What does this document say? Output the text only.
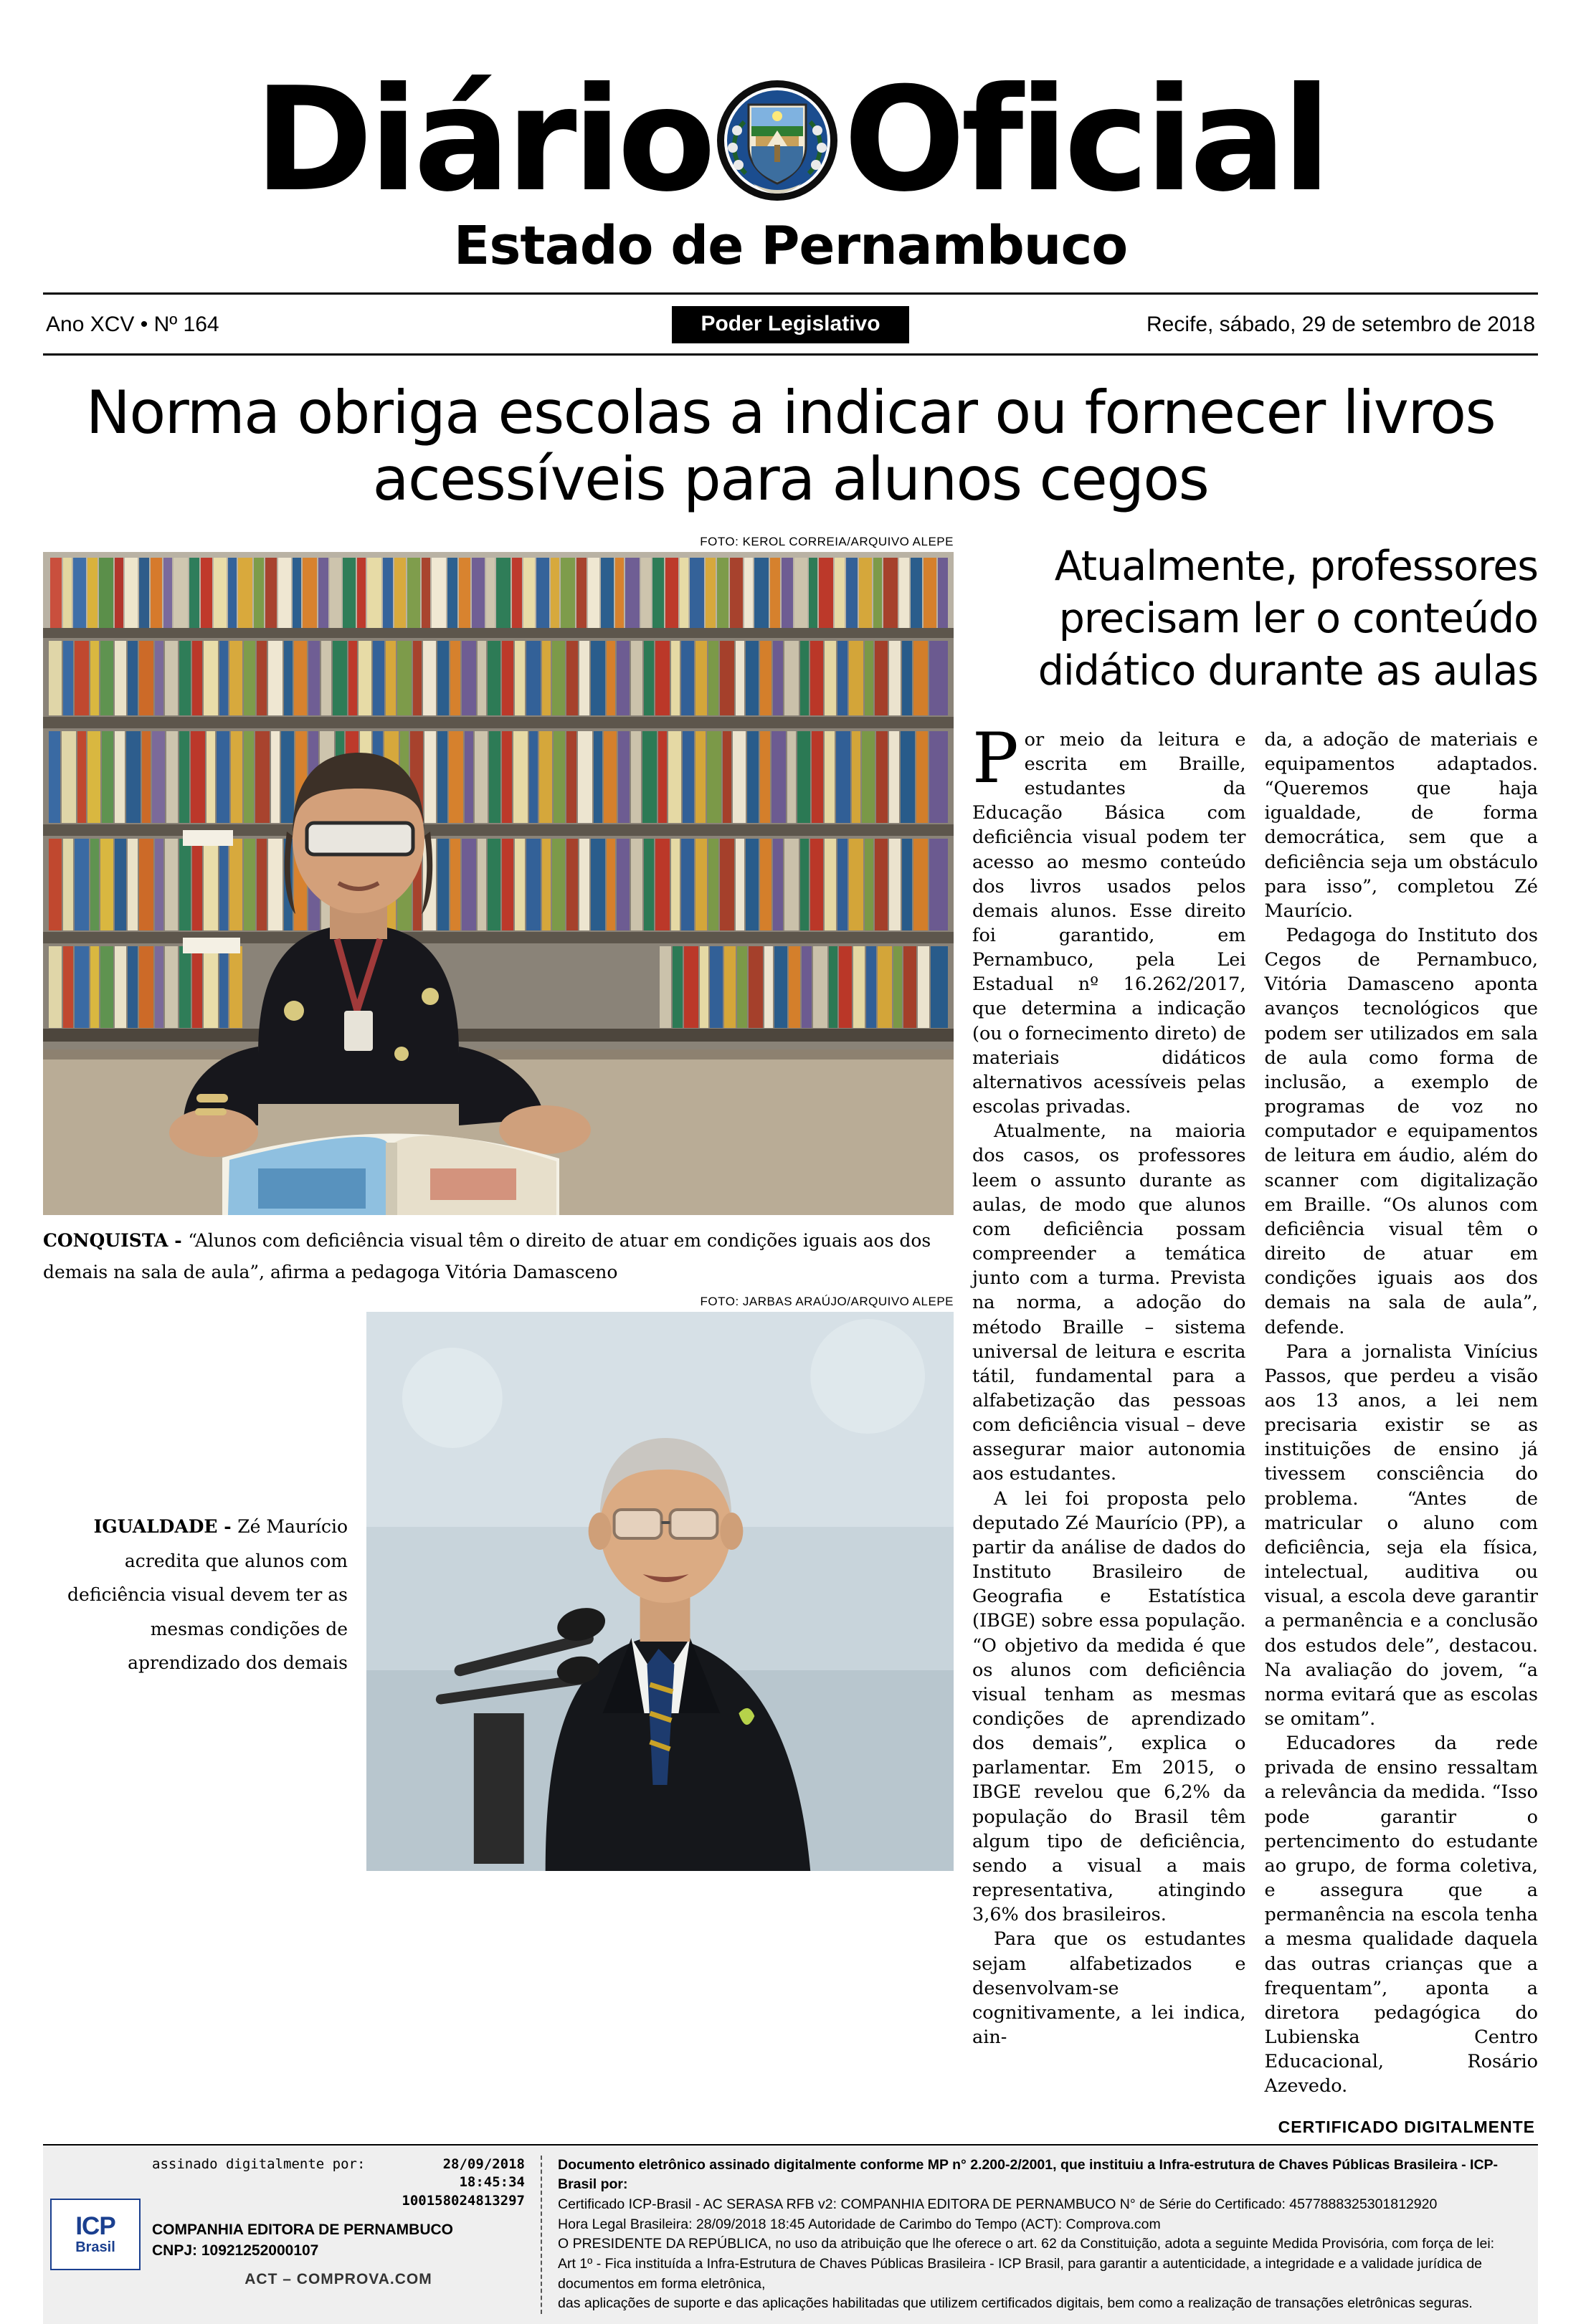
Diário Oficial
Estado de Pernambuco
Ano XCV • Nº 164	Poder Legislativo	Recife, sábado, 29 de setembro de 2018
Norma obriga escolas a indicar ou fornecer livros acessíveis para alunos cegos
FOTO: KEROL CORREIA/ARQUIVO ALEPE
CONQUISTA - “Alunos com deficiência visual têm o direito de atuar em condições iguais aos dos demais na sala de aula”, afirma a pedagoga Vitória Damasceno
IGUALDADE - Zé Maurício acredita que alunos com deficiência visual devem ter as mesmas condições de aprendizado dos demais
FOTO: JARBAS ARAÚJO/ARQUIVO ALEPE
Atualmente, professores precisam ler o conteúdo didático durante as aulas

Por meio da leitura e escrita em Braille, estudantes da Educação Básica com deficiência visual podem ter acesso ao mesmo conteúdo dos livros usados pelos demais alunos. Esse direito foi garantido, em Pernambuco, pela Lei Estadual nº 16.262/2017, que determina a indicação (ou o fornecimento direto) de materiais didáticos alternativos acessíveis pelas escolas privadas.

Atualmente, na maioria dos casos, os professores leem o assunto durante as aulas, de modo que alunos com deficiência possam compreender a temática junto com a turma. Prevista na norma, a adoção do método Braille – sistema universal de leitura e escrita tátil, fundamental para a alfabetização das pessoas com deficiência visual – deve assegurar maior autonomia aos estudantes.

A lei foi proposta pelo deputado Zé Maurício (PP), a partir da análise de dados do Instituto Brasileiro de Geografia e Estatística (IBGE) sobre essa população. “O objetivo da medida é que os alunos com deficiência visual tenham as mesmas condições de aprendizado dos demais”, explica o parlamentar. Em 2015, o IBGE revelou que 6,2% da população do Brasil têm algum tipo de deficiência, sendo a visual a mais representativa, atingindo 3,6% dos brasileiros.

Para que os estudantes sejam alfabetizados e desenvolvam-se cognitivamente, a lei indica, ain-

da, a adoção de materiais e equipamentos adaptados. “Queremos que haja igualdade, de forma democrática, sem que a deficiência seja um obstáculo para isso”, completou Zé Maurício.

Pedagoga do Instituto dos Cegos de Pernambuco, Vitória Damasceno aponta avanços tecnológicos que podem ser utilizados em sala de aula como forma de inclusão, a exemplo de programas de voz no computador e equipamentos de leitura em áudio, além do scanner com digitalização em Braille. “Os alunos com deficiência visual têm o direito de atuar em condições iguais aos dos demais na sala de aula”, defende.

Para a jornalista Vinícius Passos, que perdeu a visão aos 13 anos, a lei nem precisaria existir se as instituições de ensino já tivessem consciência do problema. “Antes de matricular o aluno com deficiência, seja ela física, intelectual, auditiva ou visual, a escola deve garantir a permanência e a conclusão dos estudos dele”, destacou. Na avaliação do jovem, “a norma evitará que as escolas se omitam”.

Educadores da rede privada de ensino ressaltam a relevância da medida. “Isso pode garantir o pertencimento do estudante ao grupo, de forma coletiva, e assegura que a permanência na escola tenha a mesma qualidade daquela das outras crianças que a frequentam”, aponta a diretora pedagógica do Lubienska Centro Educacional, Rosário Azevedo.

CERTIFICADO DIGITALMENTE
ICP
Brasil
assinado digitalmente por:	28/09/2018
18:45:34
100158024813297
COMPANHIA EDITORA DE PERNAMBUCO
CNPJ: 10921252000107
ACT – COMPROVA.COM
Documento eletrônico assinado digitalmente conforme MP n° 2.200-2/2001, que instituiu a Infra-estrutura de Chaves Públicas Brasileira - ICP-Brasil por:
Certificado ICP-Brasil - AC SERASA RFB v2: COMPANHIA EDITORA DE PERNAMBUCO N° de Série do Certificado: 4577888325301812920
Hora Legal Brasileira: 28/09/2018 18:45 Autoridade de Carimbo do Tempo (ACT): Comprova.com
O PRESIDENTE DA REPÚBLICA, no uso da atribuição que lhe oferece o art. 62 da Constituição, adota a seguinte Medida Provisória, com força de lei:
Art 1º - Fica instituída a Infra-Estrutura de Chaves Públicas Brasileira - ICP Brasil, para garantir a autenticidade, a integridade e a validade jurídica de documentos em forma eletrônica,
das aplicações de suporte e das aplicações habilitadas que utilizem certificados digitais, bem como a realização de transações eletrônicas seguras.
